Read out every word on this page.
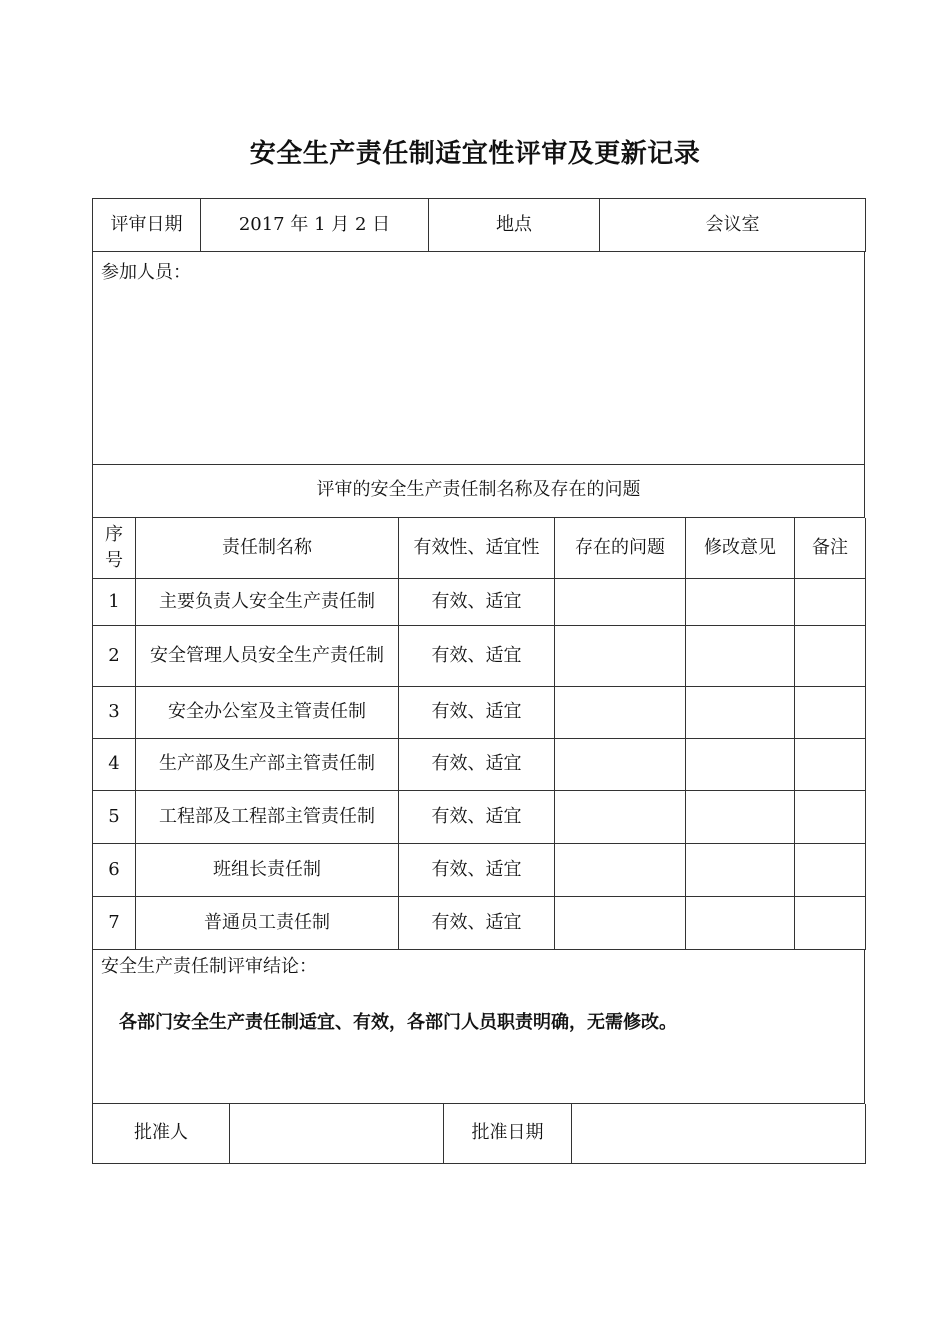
安全生产责任制适宜性评审及更新记录
评审日期	2017 年 1 月 2 日	地点	会议室
参加人员：
评审的安全生产责任制名称及存在的问题
序
号	责任制名称	有效性、适宜性	存在的问题	修改意见	备注
1	主要负责人安全生产责任制	有效、适宜			
2	安全管理人员安全生产责任制	有效、适宜			
3	安全办公室及主管责任制	有效、适宜			
4	生产部及生产部主管责任制	有效、适宜			
5	工程部及工程部主管责任制	有效、适宜			
6	班组长责任制	有效、适宜			
7	普通员工责任制	有效、适宜			
安全生产责任制评审结论：
各部门安全生产责任制适宜、有效，各部门人员职责明确，无需修改。
批准人		批准日期	
